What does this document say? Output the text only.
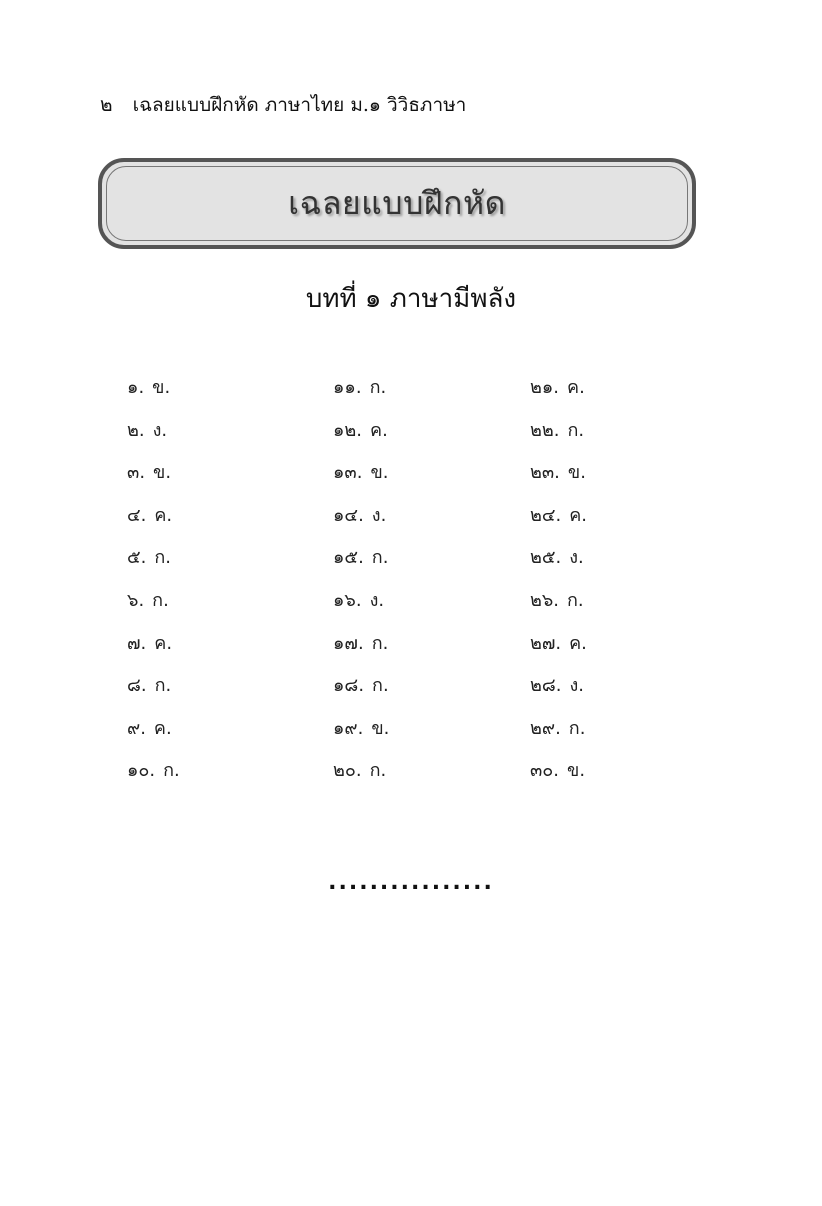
๒ เฉลยแบบฝึกหัด ภาษาไทย ม.๑ วิวิธภาษา
เฉลยแบบฝึกหัด
บทที่ ๑ ภาษามีพลัง
๑. ข.
๒. ง.
๓. ข.
๔. ค.
๕. ก.
๖. ก.
๗. ค.
๘. ก.
๙. ค.
๑๐. ก.
๑๑. ก.
๑๒. ค.
๑๓. ข.
๑๔. ง.
๑๕. ก.
๑๖. ง.
๑๗. ก.
๑๘. ก.
๑๙. ข.
๒๐. ก.
๒๑. ค.
๒๒. ก.
๒๓. ข.
๒๔. ค.
๒๕. ง.
๒๖. ก.
๒๗. ค.
๒๘. ง.
๒๙. ก.
๓๐. ข.
................
